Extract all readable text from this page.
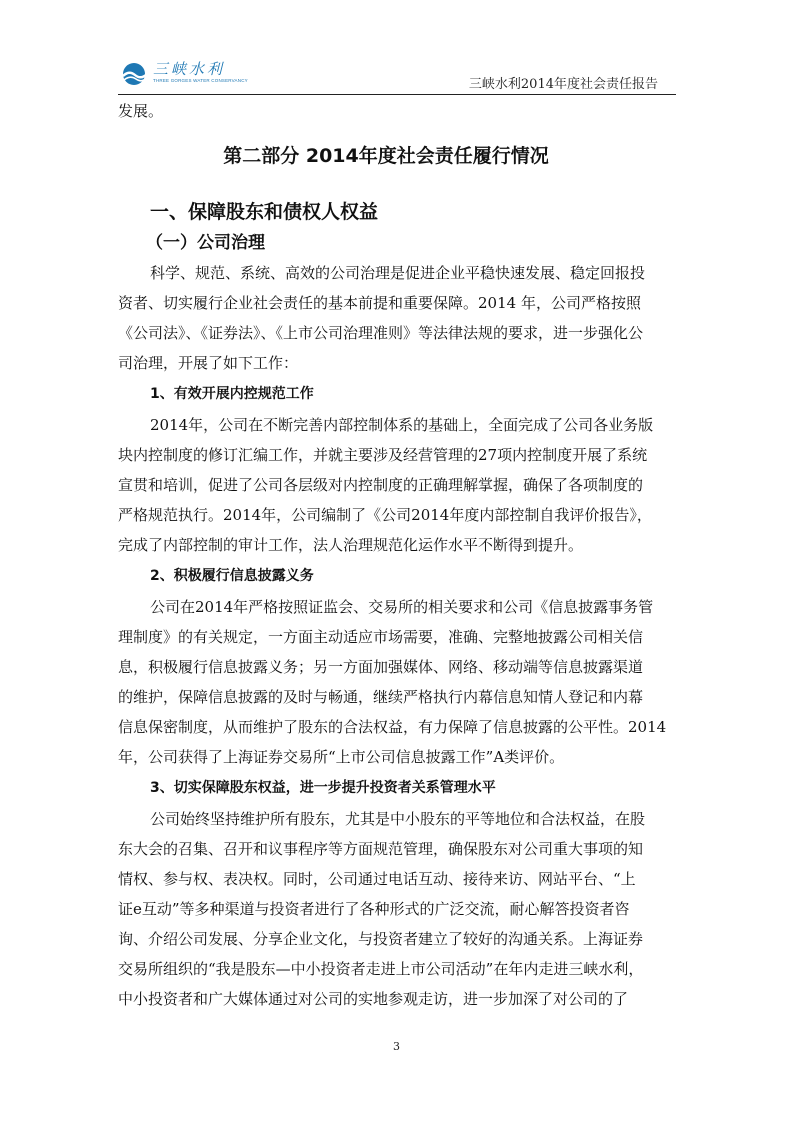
三峡水利
THREE GORGES WATER CONSERVANCY	三峡水利2014年度社会责任报告
发展。
第二部分 2014年度社会责任履行情况
一、保障股东和债权人权益
（一）公司治理
科学、规范、系统、高效的公司治理是促进企业平稳快速发展、稳定回报投
资者、切实履行企业社会责任的基本前提和重要保障。2014 年，公司严格按照
《公司法》、《证券法》、《上市公司治理准则》等法律法规的要求，进一步强化公
司治理，开展了如下工作：
1、有效开展内控规范工作
2014年，公司在不断完善内部控制体系的基础上，全面完成了公司各业务版
块内控制度的修订汇编工作，并就主要涉及经营管理的27项内控制度开展了系统
宣贯和培训，促进了公司各层级对内控制度的正确理解掌握，确保了各项制度的
严格规范执行。2014年，公司编制了《公司2014年度内部控制自我评价报告》，
完成了内部控制的审计工作，法人治理规范化运作水平不断得到提升。
2、积极履行信息披露义务
公司在2014年严格按照证监会、交易所的相关要求和公司《信息披露事务管
理制度》的有关规定，一方面主动适应市场需要，准确、完整地披露公司相关信
息，积极履行信息披露义务；另一方面加强媒体、网络、移动端等信息披露渠道
的维护，保障信息披露的及时与畅通，继续严格执行内幕信息知情人登记和内幕
信息保密制度，从而维护了股东的合法权益，有力保障了信息披露的公平性。2014
年，公司获得了上海证券交易所“上市公司信息披露工作”A类评价。
3、切实保障股东权益，进一步提升投资者关系管理水平
公司始终坚持维护所有股东，尤其是中小股东的平等地位和合法权益，在股
东大会的召集、召开和议事程序等方面规范管理，确保股东对公司重大事项的知
情权、参与权、表决权。同时，公司通过电话互动、接待来访、网站平台、“上
证e互动”等多种渠道与投资者进行了各种形式的广泛交流，耐心解答投资者咨
询、介绍公司发展、分享企业文化，与投资者建立了较好的沟通关系。上海证券
交易所组织的“我是股东—中小投资者走进上市公司活动”在年内走进三峡水利，
中小投资者和广大媒体通过对公司的实地参观走访，进一步加深了对公司的了
3
